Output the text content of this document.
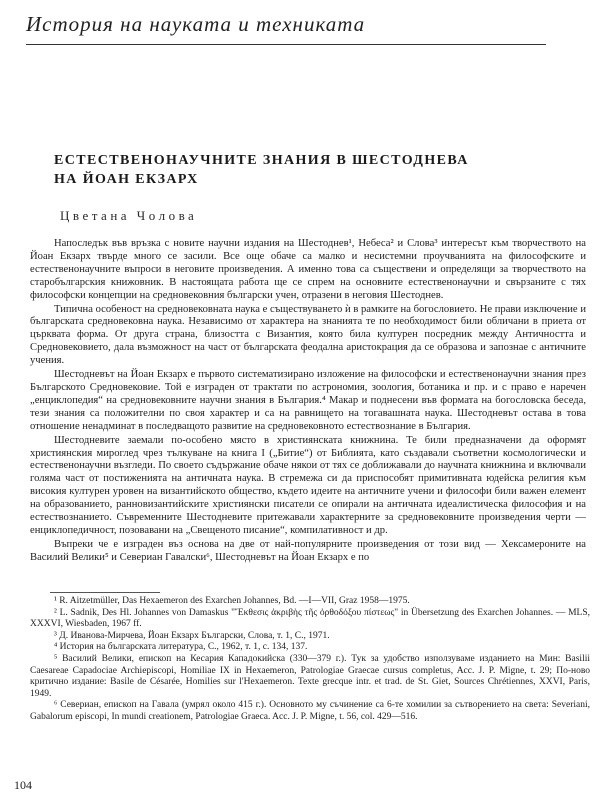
История на науката и техниката
ЕСТЕСТВЕНОНАУЧНИТЕ ЗНАНИЯ В ШЕСТОДНЕВА
НА ЙОАН ЕКЗАРХ
Цветана Чолова

Напоследък във връзка с новите научни издания на Шестоднев¹, Небеса² и Слова³ интересът към творчеството на Йоан Екзарх твърде много се засили. Все още обаче са малко и несистемни проучванията на философските и естественонаучните въпроси в неговите произведения. А именно това са съществени и определящи за творчеството на старобългарския книжовник. В настоящата работа ще се спрем на основните естественонаучни и свързаните с тях философски концепции на средновековния български учен, отразени в неговия Шестоднев.

Типична особеност на средновековната наука е съществуването ѝ в рамките на богословието. Не прави изключение и българската средновековна наука. Независимо от характера на знанията те по необходимост били обличани в приета от църквата форма. От друга страна, близостта с Византия, която била културен посредник между Античността и Средновековието, дала възможност на част от българската феодална аристокрация да се образова и запознае с античните учения.

Шестодневът на Йоан Екзарх е първото систематизирано изложение на философски и естественонаучни знания през Българското Средновековие. Той е изграден от трактати по астрономия, зоология, ботаника и пр. и с право е наречен „енциклопедия“ на средновековните научни знания в България.⁴ Макар и поднесени във формата на богословска беседа, тези знания са положителни по своя характер и са на равнището на тогавашната наука. Шестодневът остава в това отношение ненадминат в последващото развитие на средновековното естествознание в България.

Шестодневите заемали по-особено място в християнската книжнина. Те били предназначени да оформят християнския мироглед чрез тълкуване на книга I („Битие“) от Библията, като създавали съответни космологически и естественонаучни възгледи. По своето съдържание обаче някои от тях се доближавали до научната книжнина и включвали голяма част от постиженията на античната наука. В стремежа си да приспособят примитивната юдейска религия към високия културен уровен на византийското общество, където идеите на античните учени и философи били важен елемент на образованието, ранновизантийските християнски писатели се опирали на античната идеалистическа философия и на естествознанието. Съвременните Шестодневите притежавали характерните за средновековните произведения черти — енциклопедичност, позовавани на „Свещеното писание“, компилативност и др.

Въпреки че е изграден въз основа на две от най-популярните произведения от този вид — Хексамероните на Василий Велики⁵ и Севериан Гавалски⁶, Шестодневът на Йоан Екзарх е по

¹ R. Aitzetmüller, Das Hexaemeron des Exarchen Johannes, Bd. —I—VII, Graz 1958—1975.

² L. Sadnik, Des Hl. Johannes von Damaskus "Ἔκθεσις ἀκριβὴς τῆς ὀρθοδόξου πίστεως" in Übersetzung des Exarchen Johannes. — MLS, XXXVI, Wiesbaden, 1967 ff.

³ Д. Иванова-Мирчева, Йоан Екзарх Български, Слова, т. 1, С., 1971.

⁴ История на българската литература, С., 1962, т. 1, с. 134, 137.

⁵ Василий Велики, епископ на Кесария Кападокийска (330—379 г.). Тук за удобство използуваме изданието на Мин: Basilii Caesareae Capadociae Archiepiscopi, Homiliae IX in Hexaemeron, Patrologiae Graecae cursus completus, Acc. J. P. Migne, t. 29; По-ново критично издание: Basile de Césarée, Homilies sur l'Hexaemeron. Texte grecque intr. et trad. de St. Giet, Sources Chrétiennes, XXVI, Paris, 1949.

⁶ Севериан, епископ на Гавала (умрял около 415 г.). Основното му съчинение са 6-те хомилии за сътворението на света: Severiani, Gabalorum episcopi, In mundi creationem, Patrologiae Graeca. Acc. J. P. Migne, t. 56, col. 429—516.

104
